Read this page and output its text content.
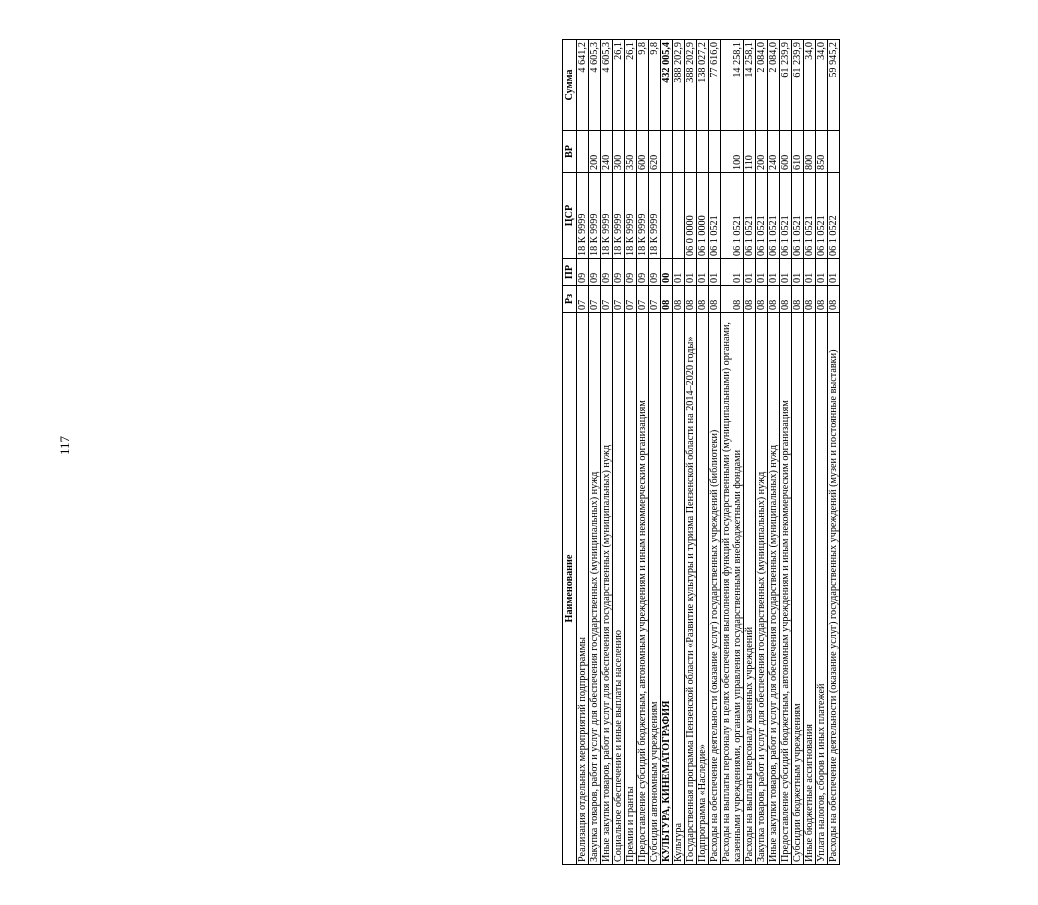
117
Наименование	Рз	ПР	ЦСР	ВР	Сумма
Реализация отдельных мероприятий подпрограммы	07	09	18 К 9999		4 641,2
Закупка товаров, работ и услуг для обеспечения государственных (муниципальных) нужд	07	09	18 К 9999	200	4 605,3
Иные закупки товаров, работ и услуг для обеспечения государственных (муниципальных) нужд	07	09	18 К 9999	240	4 605,3
Социальное обеспечение и иные выплаты населению	07	09	18 К 9999	300	26,1
Премии и гранты	07	09	18 К 9999	350	26,1
Предоставление субсидий бюджетным, автономным учреждениям и иным некоммерческим организациям	07	09	18 К 9999	600	9,8
Субсидии автономным учреждениям	07	09	18 К 9999	620	9,8
КУЛЬТУРА, КИНЕМАТОГРАФИЯ	08	00			432 005,4
Культура	08	01			388 202,9
Государственная программа Пензенской области «Развитие культуры и туризма Пензенской области на 2014–2020 годы»	08	01	06 0 0000		388 202,9
Подпрограмма «Наследие»	08	01	06 1 0000		138 027,2
Расходы на обеспечение деятельности (оказание услуг) государственных учреждений (библиотеки)	08	01	06 1 0521		77 616,0
Расходы на выплаты персоналу в целях обеспечения выполнения функций государственными (муниципальными) органами, казенными учреждениями, органами управления государственными внебюджетными фондами	08	01	06 1 0521	100	14 258,1
Расходы на выплаты персоналу казенных учреждений	08	01	06 1 0521	110	14 258,1
Закупка товаров, работ и услуг для обеспечения государственных (муниципальных) нужд	08	01	06 1 0521	200	2 084,0
Иные закупки товаров, работ и услуг для обеспечения государственных (муниципальных) нужд	08	01	06 1 0521	240	2 084,0
Предоставление субсидий бюджетным, автономным учреждениям и иным некоммерческим организациям	08	01	06 1 0521	600	61 239,9
Субсидии бюджетным учреждениям	08	01	06 1 0521	610	61 239,9
Иные бюджетные ассигнования	08	01	06 1 0521	800	34,0
Уплата налогов, сборов и иных платежей	08	01	06 1 0521	850	34,0
Расходы на обеспечение деятельности (оказание услуг) государственных учреждений (музеи и постоянные выставки)	08	01	06 1 0522		59 945,2
